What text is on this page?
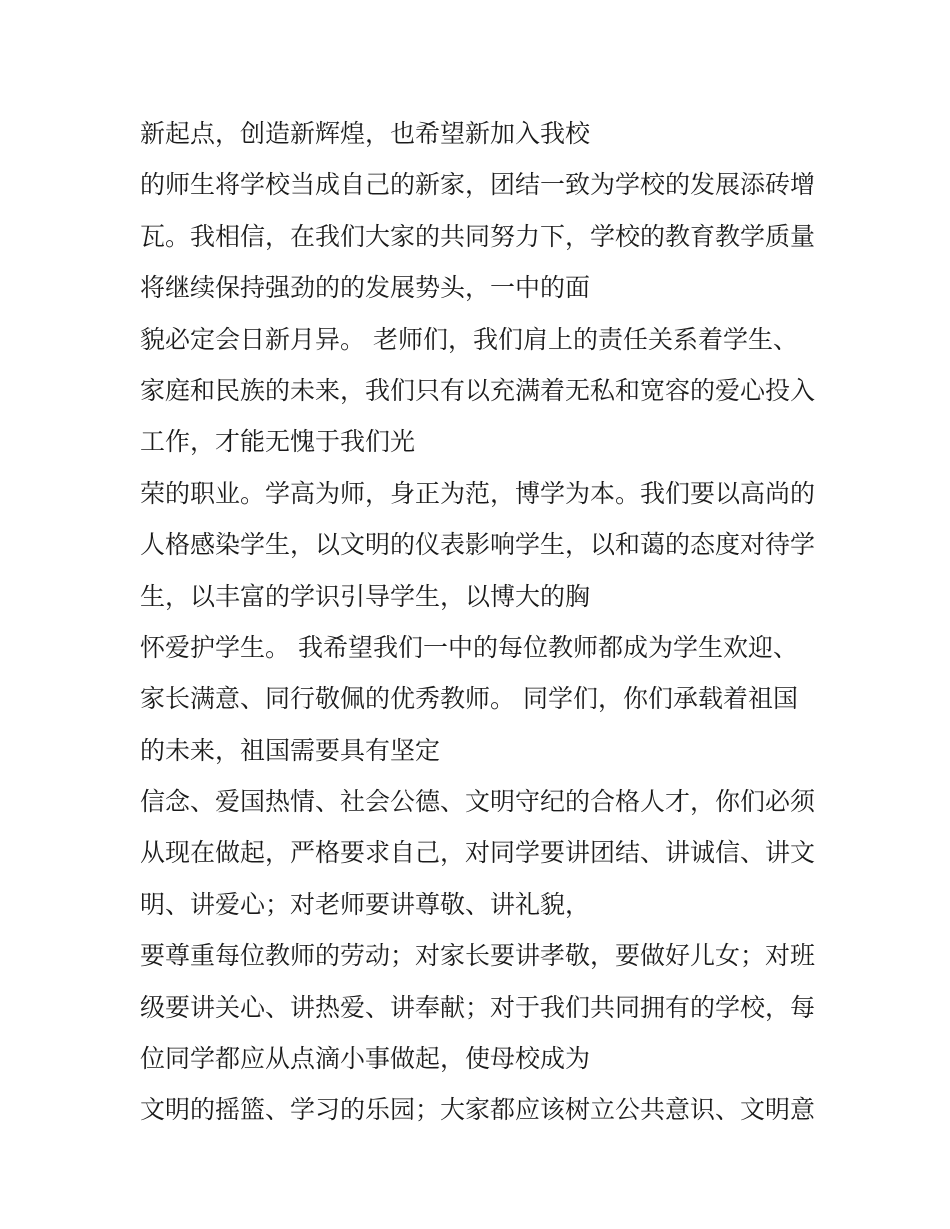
新起点，创造新辉煌，也希望新加入我校
的师生将学校当成自己的新家，团结一致为学校的发展添砖增
瓦。我相信，在我们大家的共同努力下，学校的教育教学质量
将继续保持强劲的的发展势头，一中的面
貌必定会日新月异。 老师们，我们肩上的责任关系着学生、
家庭和民族的未来，我们只有以充满着无私和宽容的爱心投入
工作，才能无愧于我们光
荣的职业。学高为师，身正为范，博学为本。我们要以高尚的
人格感染学生，以文明的仪表影响学生，以和蔼的态度对待学
生，以丰富的学识引导学生，以博大的胸
怀爱护学生。 我希望我们一中的每位教师都成为学生欢迎、
家长满意、同行敬佩的优秀教师。 同学们，你们承载着祖国
的未来，祖国需要具有坚定
信念、爱国热情、社会公德、文明守纪的合格人才，你们必须
从现在做起，严格要求自己，对同学要讲团结、讲诚信、讲文
明、讲爱心；对老师要讲尊敬、讲礼貌，
要尊重每位教师的劳动；对家长要讲孝敬，要做好儿女；对班
级要讲关心、讲热爱、讲奉献；对于我们共同拥有的学校，每
位同学都应从点滴小事做起，使母校成为
文明的摇篮、学习的乐园；大家都应该树立公共意识、文明意
